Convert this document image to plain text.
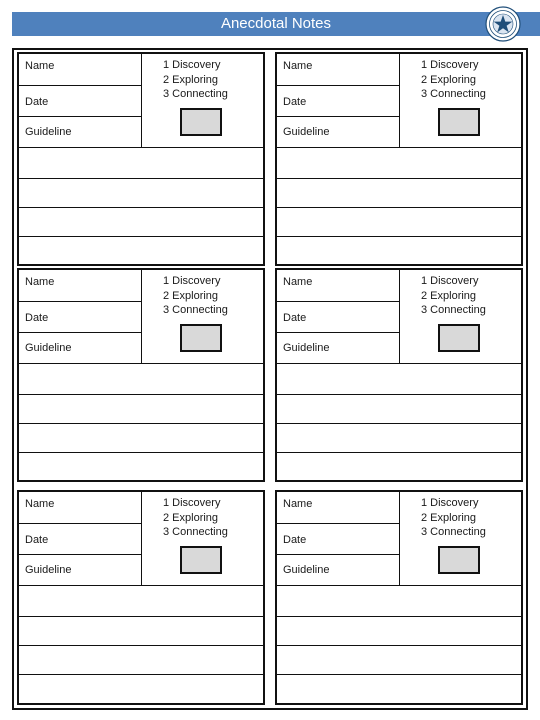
Anecdotal Notes
Name
Date
Guideline
1 Discovery
2 Exploring
3 Connecting
Name
Date
Guideline
1 Discovery
2 Exploring
3 Connecting
Name
Date
Guideline
1 Discovery
2 Exploring
3 Connecting
Name
Date
Guideline
1 Discovery
2 Exploring
3 Connecting
Name
Date
Guideline
1 Discovery
2 Exploring
3 Connecting
Name
Date
Guideline
1 Discovery
2 Exploring
3 Connecting
